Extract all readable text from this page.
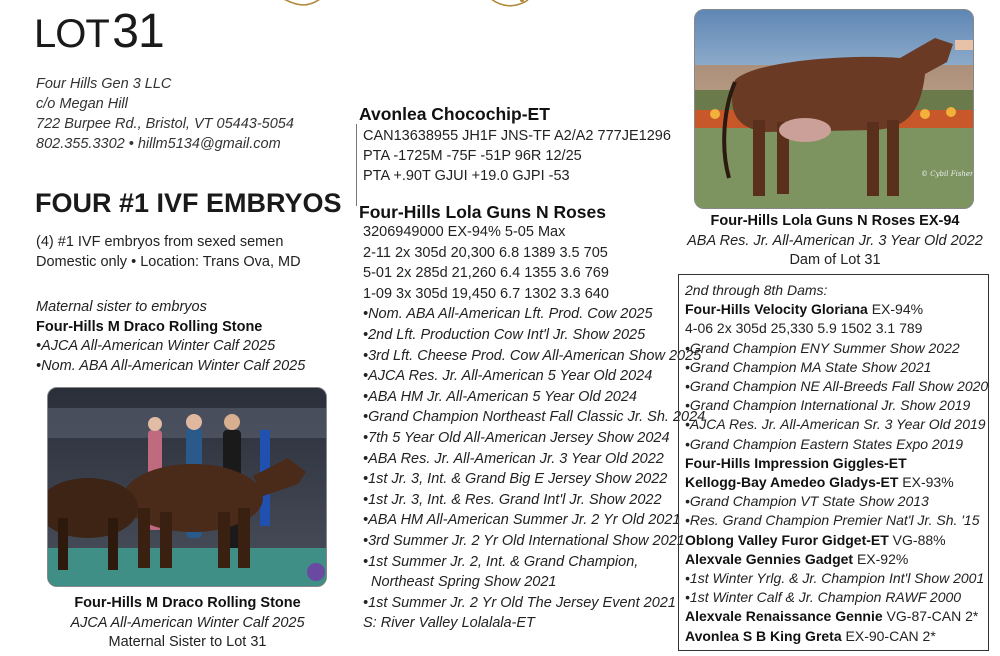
LOT 31
Four Hills Gen 3 LLC
c/o Megan Hill
722 Burpee Rd., Bristol, VT 05443-5054
802.355.3302 • hillm5134@gmail.com
FOUR #1 IVF EMBRYOS
(4) #1 IVF embryos from sexed semen
Domestic only • Location: Trans Ova, MD
Maternal sister to embryos
Four-Hills M Draco Rolling Stone
•AJCA All-American Winter Calf 2025
•Nom. ABA All-American Winter Calf 2025
Four-Hills M Draco Rolling Stone
AJCA All-American Winter Calf 2025
Maternal Sister to Lot 31
© Cybil Fisher
Four-Hills Lola Guns N Roses EX-94
ABA Res. Jr. All-American Jr. 3 Year Old 2022
Dam of Lot 31
Avonlea Chocochip-ET
CAN13638955 JH1F JNS-TF A2/A2 777JE1296
PTA -1725M -75F -51P 96R 12/25
PTA +.90T GJUI +19.0 GJPI -53
Four-Hills Lola Guns N Roses
3206949000 EX-94% 5-05 Max
2-11 2x 305d 20,300 6.8 1389 3.5 705
5-01 2x 285d 21,260 6.4 1355 3.6 769
1-09 3x 305d 19,450 6.7 1302 3.3 640
•Nom. ABA All-American Lft. Prod. Cow 2025
•2nd Lft. Production Cow Int'l Jr. Show 2025
•3rd Lft. Cheese Prod. Cow All-American Show 2025
•AJCA Res. Jr. All-American 5 Year Old 2024
•ABA HM Jr. All-American 5 Year Old 2024
•Grand Champion Northeast Fall Classic Jr. Sh. 2024
•7th 5 Year Old All-American Jersey Show 2024
•ABA Res. Jr. All-American Jr. 3 Year Old 2022
•1st Jr. 3, Int. & Grand Big E Jersey Show 2022
•1st Jr. 3, Int. & Res. Grand Int'l Jr. Show 2022
•ABA HM All-American Summer Jr. 2 Yr Old 2021
•3rd Summer Jr. 2 Yr Old International Show 2021
•1st Summer Jr. 2, Int. & Grand Champion,
Northeast Spring Show 2021
•1st Summer Jr. 2 Yr Old The Jersey Event 2021
S: River Valley Lolalala-ET
2nd through 8th Dams:
Four-Hills Velocity Gloriana EX-94%
4-06 2x 305d 25,330 5.9 1502 3.1 789
•Grand Champion ENY Summer Show 2022
•Grand Champion MA State Show 2021
•Grand Champion NE All-Breeds Fall Show 2020
•Grand Champion International Jr. Show 2019
•AJCA Res. Jr. All-American Sr. 3 Year Old 2019
•Grand Champion Eastern States Expo 2019
Four-Hills Impression Giggles-ET
Kellogg-Bay Amedeo Gladys-ET EX-93%
•Grand Champion VT State Show 2013
•Res. Grand Champion Premier Nat'l Jr. Sh. '15
Oblong Valley Furor Gidget-ET VG-88%
Alexvale Gennies Gadget EX-92%
•1st Winter Yrlg. & Jr. Champion Int'l Show 2001
•1st Winter Calf & Jr. Champion RAWF 2000
Alexvale Renaissance Gennie VG-87-CAN 2*
Avonlea S B King Greta EX-90-CAN 2*
